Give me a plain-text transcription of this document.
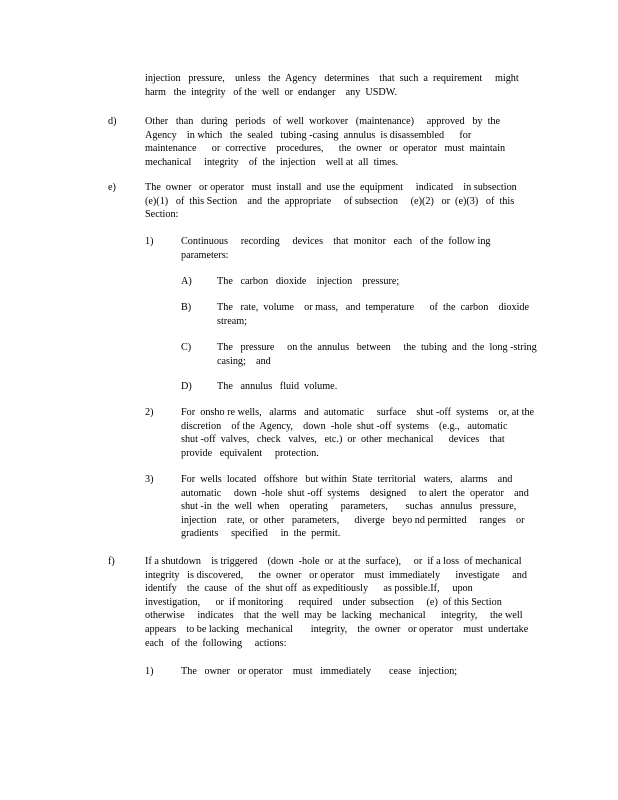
injection   pressure,    unless   the  Agency   determines    that  such  a  requirement     might
harm   the  integrity   of the  well  or  endanger    any  USDW.
d)	Other   than   during   periods   of  well  workover   (maintenance)     approved   by  the
Agency    in which   the  sealed   tubing -casing  annulus  is disassembled      for
maintenance      or  corrective    procedures,      the  owner   or  operator   must  maintain
mechanical     integrity    of  the  injection    well at  all  times.
e)	The  owner   or operator   must  install  and  use the  equipment     indicated    in subsection
(e)(1)   of  this Section    and  the  appropriate     of subsection     (e)(2)   or  (e)(3)   of  this
Section:
1)	Continuous     recording     devices    that  monitor   each   of the  follow ing
parameters:
A) The   carbon   dioxide    injection    pressure;
B)	The   rate,  volume    or mass,   and  temperature      of  the  carbon    dioxide
stream;
C)	The   pressure     on the  annulus   between     the  tubing  and  the  long -string
casing;    and
D) The   annulus   fluid  volume.
2)	For  onsho re wells,   alarms   and  automatic     surface    shut -off  systems    or, at the
discretion    of the  Agency,    down  -hole  shut -off  systems    (e.g.,   automatic
shut -off  valves,   check   valves,   etc.)  or  other  mechanical      devices    that
provide   equivalent     protection.
3)	For  wells  located   offshore   but within  State  territorial   waters,   alarms    and
automatic     down  -hole  shut -off  systems    designed     to alert  the  operator    and
shut -in  the  well  when    operating     parameters,       suchas   annulus   pressure,
injection    rate,  or  other   parameters,      diverge   beyo nd permitted     ranges    or
gradients     specified     in  the  permit.
f)	If a shutdown    is triggered    (down  -hole  or  at the  surface),     or  if a loss  of mechanical
integrity   is discovered,      the  owner   or operator    must  immediately      investigate     and
identify    the  cause   of  the  shut off  as expeditiously      as possible.If,     upon
investigation,      or  if monitoring      required    under  subsection     (e)  of this Section
otherwise     indicates    that  the  well  may  be  lacking   mechanical      integrity,     the well
appears    to be lacking   mechanical       integrity,    the  owner   or operator    must  undertake
each   of  the  following     actions:
1)	The   owner   or operator    must   immediately       cease   injection;
